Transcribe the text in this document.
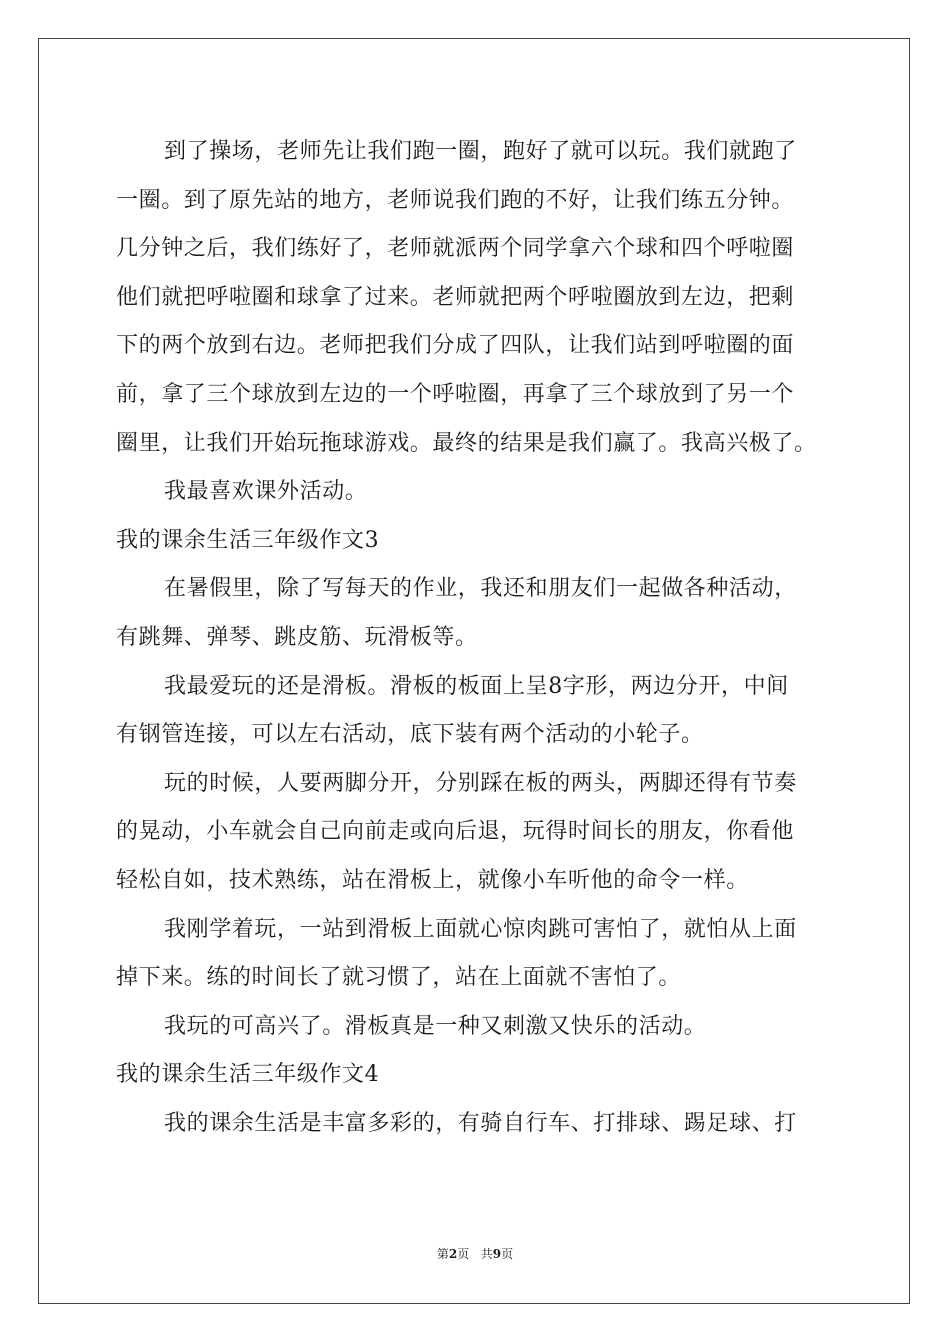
到了操场，老师先让我们跑一圈，跑好了就可以玩。我们就跑了
一圈。到了原先站的地方，老师说我们跑的不好，让我们练五分钟。
几分钟之后，我们练好了，老师就派两个同学拿六个球和四个呼啦圈
他们就把呼啦圈和球拿了过来。老师就把两个呼啦圈放到左边，把剩
下的两个放到右边。老师把我们分成了四队，让我们站到呼啦圈的面
前，拿了三个球放到左边的一个呼啦圈，再拿了三个球放到了另一个
圈里，让我们开始玩拖球游戏。最终的结果是我们赢了。我高兴极了。
我最喜欢课外活动。
我的课余生活三年级作文3
在暑假里，除了写每天的作业，我还和朋友们一起做各种活动，
有跳舞、弹琴、跳皮筋、玩滑板等。
我最爱玩的还是滑板。滑板的板面上呈8字形，两边分开，中间
有钢管连接，可以左右活动，底下装有两个活动的小轮子。
玩的时候，人要两脚分开，分别踩在板的两头，两脚还得有节奏
的晃动，小车就会自己向前走或向后退，玩得时间长的朋友，你看他
轻松自如，技术熟练，站在滑板上，就像小车听他的命令一样。
我刚学着玩，一站到滑板上面就心惊肉跳可害怕了，就怕从上面
掉下来。练的时间长了就习惯了，站在上面就不害怕了。
我玩的可高兴了。滑板真是一种又刺激又快乐的活动。
我的课余生活三年级作文4
我的课余生活是丰富多彩的，有骑自行车、打排球、踢足球、打
第2页   共9页
